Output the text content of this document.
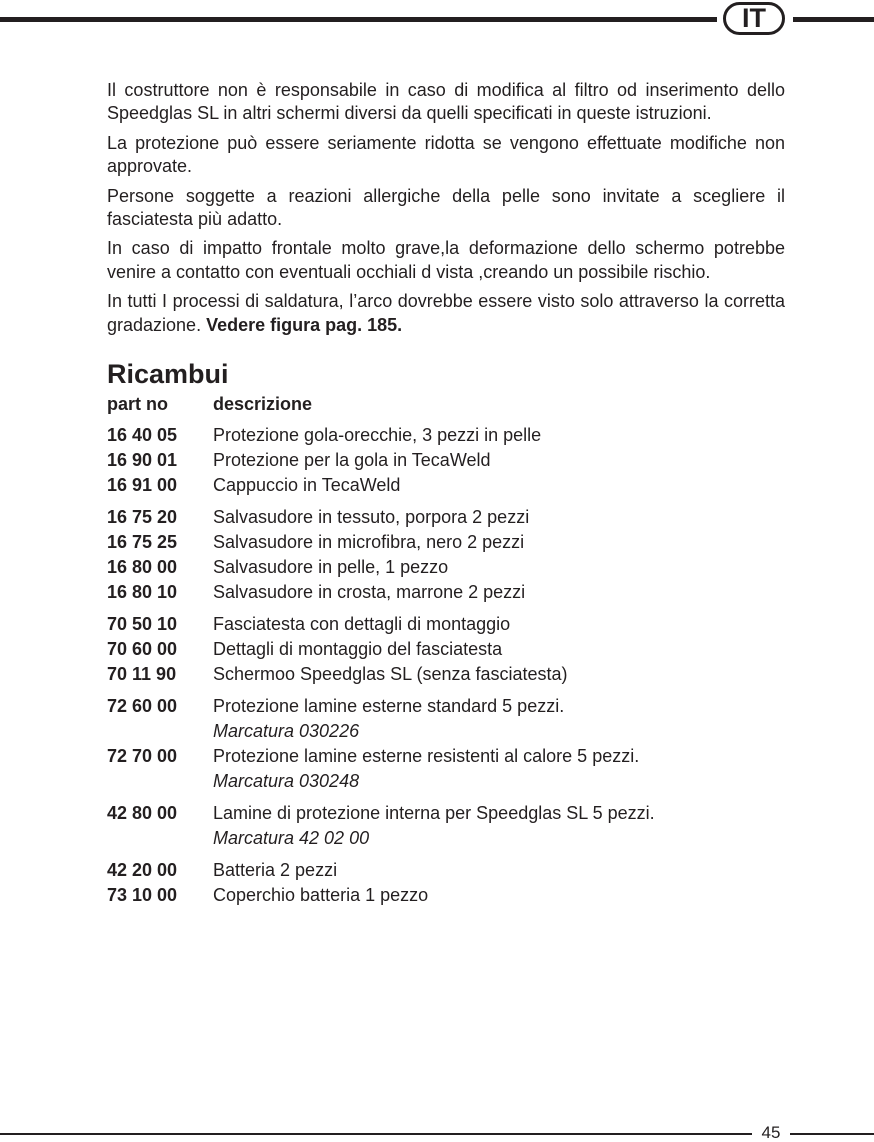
IT

Il costruttore non è responsabile in caso di modifica al filtro od inserimento dello Speedglas SL in altri schermi diversi da quelli specificati in queste istruzioni.

La protezione può essere seriamente ridotta se vengono effettuate modifiche non approvate.

Persone soggette a reazioni allergiche della pelle sono invitate a scegliere il fasciatesta più adatto.

In caso di impatto frontale molto grave,la deformazione dello schermo potrebbe venire a contatto con eventuali occhiali d vista ,creando un possibile rischio.

In tutti I processi di saldatura, l’arco dovrebbe essere visto solo attraverso la corretta gradazione. Vedere figura pag. 185.

Ricambui
part no	descrizione
16 40 05	Protezione gola-orecchie, 3 pezzi in pelle
16 90 01	Protezione per la gola in TecaWeld
16 91 00	Cappuccio in TecaWeld
16 75 20	Salvasudore in tessuto, porpora 2 pezzi
16 75 25	Salvasudore in microfibra, nero 2 pezzi
16 80 00	Salvasudore in pelle, 1 pezzo
16 80 10	Salvasudore in crosta, marrone 2 pezzi
70 50 10	Fasciatesta con dettagli di montaggio
70 60 00	Dettagli di montaggio del fasciatesta
70 11 90	Schermoo Speedglas SL (senza fasciatesta)
72 60 00	Protezione lamine esterne standard 5 pezzi.
Marcatura 030226
72 70 00	Protezione lamine esterne resistenti al calore 5 pezzi.
Marcatura 030248
42 80 00	Lamine di protezione interna per Speedglas SL 5 pezzi.
Marcatura 42 02 00
42 20 00	Batteria 2 pezzi
73 10 00	Coperchio batteria 1 pezzo
45
